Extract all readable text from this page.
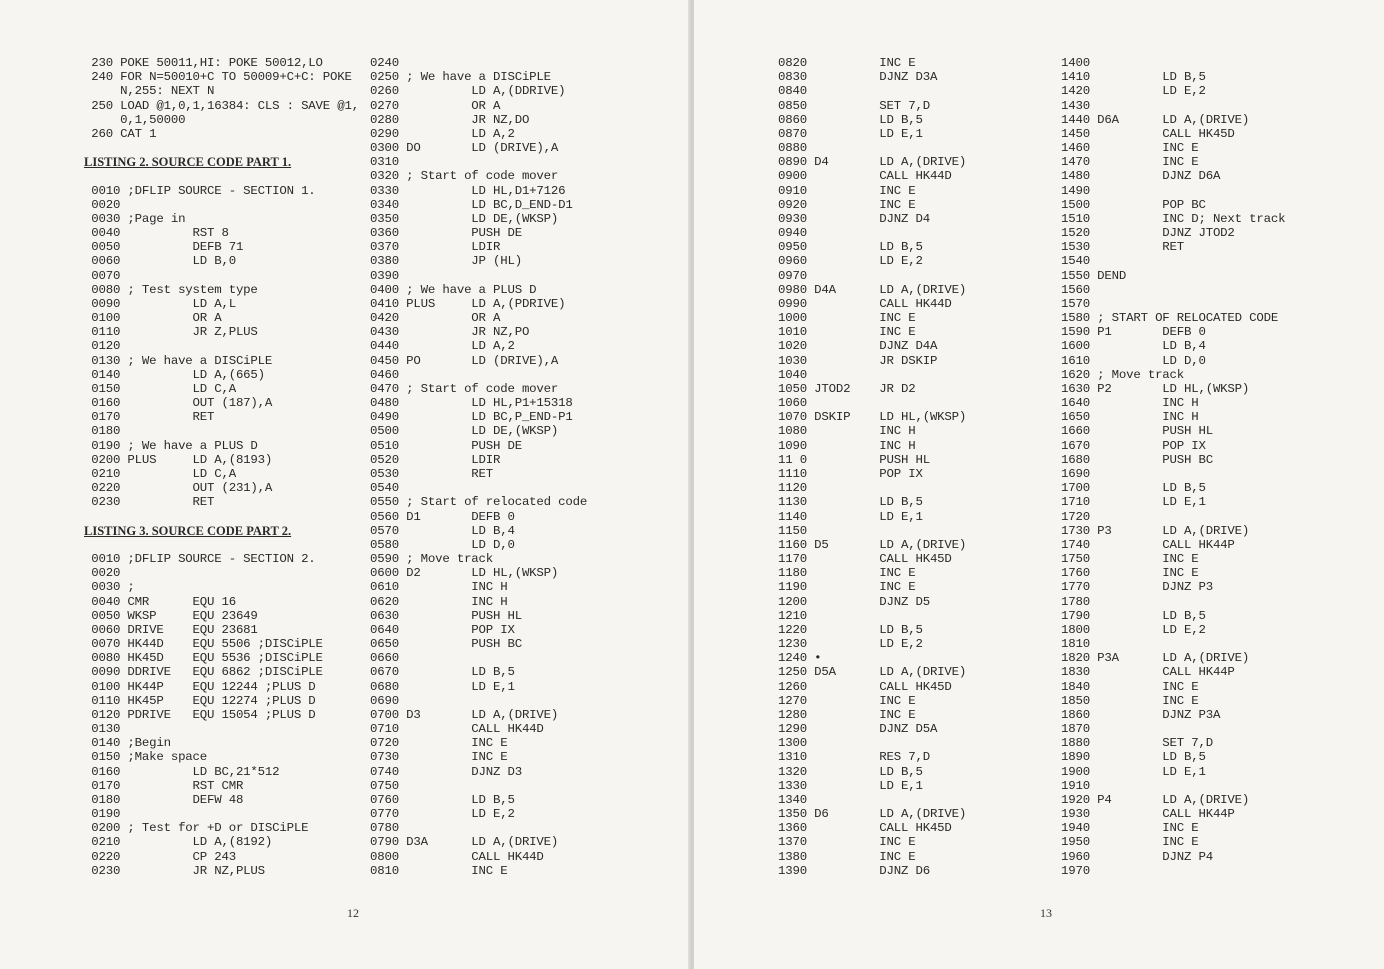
230 POKE 50011,HI: POKE 50012,LO
240 FOR N=50010+C TO 50009+C+C: POKE
N,255: NEXT N
250 LOAD @1,0,1,16384: CLS : SAVE @1,
0,1,50000
260 CAT 1
LISTING 2. SOURCE CODE PART 1.
0010 ;DFLIP SOURCE - SECTION 1.
0020
0030 ;Page in
0040          RST 8
0050          DEFB 71
0060          LD B,0
0070
0080 ; Test system type
0090          LD A,L
0100          OR A
0110          JR Z,PLUS
0120
0130 ; We have a DISCiPLE
0140          LD A,(665)
0150          LD C,A
0160          OUT (187),A
0170          RET
0180
0190 ; We have a PLUS D
0200 PLUS     LD A,(8193)
0210          LD C,A
0220          OUT (231),A
0230          RET
LISTING 3. SOURCE CODE PART 2.
0010 ;DFLIP SOURCE - SECTION 2.
0020
0030 ;
0040 CMR      EQU 16
0050 WKSP     EQU 23649
0060 DRIVE    EQU 23681
0070 HK44D    EQU 5506 ;DISCiPLE
0080 HK45D    EQU 5536 ;DISCiPLE
0090 DDRIVE   EQU 6862 ;DISCiPLE
0100 HK44P    EQU 12244 ;PLUS D
0110 HK45P    EQU 12274 ;PLUS D
0120 PDRIVE   EQU 15054 ;PLUS D
0130
0140 ;Begin
0150 ;Make space
0160          LD BC,21*512
0170          RST CMR
0180          DEFW 48
0190
0200 ; Test for +D or DISCiPLE
0210          LD A,(8192)
0220          CP 243
0230          JR NZ,PLUS
0240
0250 ; We have a DISCiPLE
0260          LD A,(DDRIVE)
0270          OR A
0280          JR NZ,DO
0290          LD A,2
0300 DO       LD (DRIVE),A
0310
0320 ; Start of code mover
0330          LD HL,D1+7126
0340          LD BC,D_END-D1
0350          LD DE,(WKSP)
0360          PUSH DE
0370          LDIR
0380          JP (HL)
0390
0400 ; We have a PLUS D
0410 PLUS     LD A,(PDRIVE)
0420          OR A
0430          JR NZ,PO
0440          LD A,2
0450 PO       LD (DRIVE),A
0460
0470 ; Start of code mover
0480          LD HL,P1+15318
0490          LD BC,P_END-P1
0500          LD DE,(WKSP)
0510          PUSH DE
0520          LDIR
0530          RET
0540
0550 ; Start of relocated code
0560 D1       DEFB 0
0570          LD B,4
0580          LD D,0
0590 ; Move track
0600 D2       LD HL,(WKSP)
0610          INC H
0620          INC H
0630          PUSH HL
0640          POP IX
0650          PUSH BC
0660
0670          LD B,5
0680          LD E,1
0690
0700 D3       LD A,(DRIVE)
0710          CALL HK44D
0720          INC E
0730          INC E
0740          DJNZ D3
0750
0760          LD B,5
0770          LD E,2
0780
0790 D3A      LD A,(DRIVE)
0800          CALL HK44D
0810          INC E
12
0820          INC E
0830          DJNZ D3A
0840
0850          SET 7,D
0860          LD B,5
0870          LD E,1
0880
0890 D4       LD A,(DRIVE)
0900          CALL HK44D
0910          INC E
0920          INC E
0930          DJNZ D4
0940
0950          LD B,5
0960          LD E,2
0970
0980 D4A      LD A,(DRIVE)
0990          CALL HK44D
1000          INC E
1010          INC E
1020          DJNZ D4A
1030          JR DSKIP
1040
1050 JTOD2    JR D2
1060
1070 DSKIP    LD HL,(WKSP)
1080          INC H
1090          INC H
11 0          PUSH HL
1110          POP IX
1120
1130          LD B,5
1140          LD E,1
1150
1160 D5       LD A,(DRIVE)
1170          CALL HK45D
1180          INC E
1190          INC E
1200          DJNZ D5
1210
1220          LD B,5
1230          LD E,2
1240 •
1250 D5A      LD A,(DRIVE)
1260          CALL HK45D
1270          INC E
1280          INC E
1290          DJNZ D5A
1300
1310          RES 7,D
1320          LD B,5
1330          LD E,1
1340
1350 D6       LD A,(DRIVE)
1360          CALL HK45D
1370          INC E
1380          INC E
1390          DJNZ D6
1400
1410          LD B,5
1420          LD E,2
1430
1440 D6A      LD A,(DRIVE)
1450          CALL HK45D
1460          INC E
1470          INC E
1480          DJNZ D6A
1490
1500          POP BC
1510          INC D; Next track
1520          DJNZ JTOD2
1530          RET
1540
1550 DEND
1560
1570
1580 ; START OF RELOCATED CODE
1590 P1       DEFB 0
1600          LD B,4
1610          LD D,0
1620 ; Move track
1630 P2       LD HL,(WKSP)
1640          INC H
1650          INC H
1660          PUSH HL
1670          POP IX
1680          PUSH BC
1690
1700          LD B,5
1710          LD E,1
1720
1730 P3       LD A,(DRIVE)
1740          CALL HK44P
1750          INC E
1760          INC E
1770          DJNZ P3
1780
1790          LD B,5
1800          LD E,2
1810
1820 P3A      LD A,(DRIVE)
1830          CALL HK44P
1840          INC E
1850          INC E
1860          DJNZ P3A
1870
1880          SET 7,D
1890          LD B,5
1900          LD E,1
1910
1920 P4       LD A,(DRIVE)
1930          CALL HK44P
1940          INC E
1950          INC E
1960          DJNZ P4
1970
13
